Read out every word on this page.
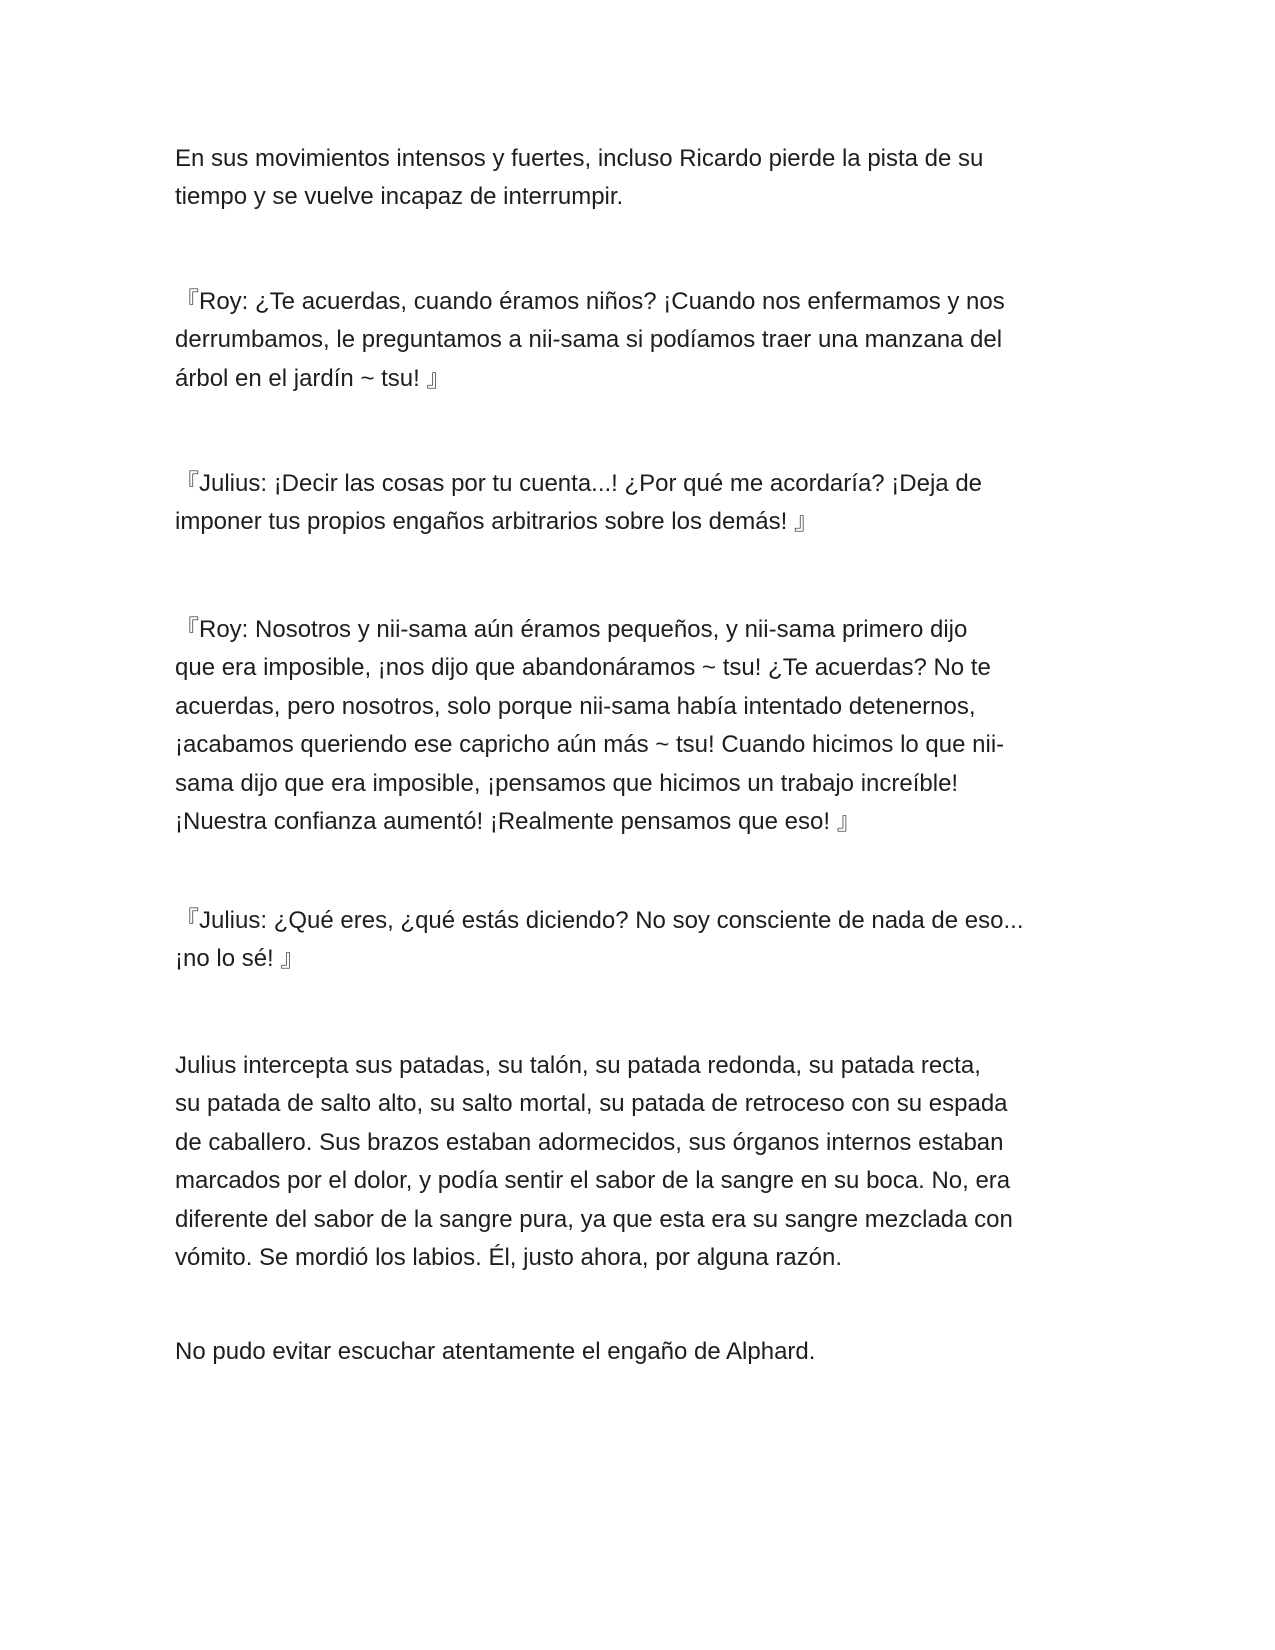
En sus movimientos intensos y fuertes, incluso Ricardo pierde la pista de su
tiempo y se vuelve incapaz de interrumpir.

『Roy: ¿Te acuerdas, cuando éramos niños? ¡Cuando nos enfermamos y nos
derrumbamos, le preguntamos a nii-sama si podíamos traer una manzana del
árbol en el jardín ~ tsu! 』

『Julius: ¡Decir las cosas por tu cuenta...! ¿Por qué me acordaría? ¡Deja de
imponer tus propios engaños arbitrarios sobre los demás! 』

『Roy: Nosotros y nii-sama aún éramos pequeños, y nii-sama primero dijo
que era imposible, ¡nos dijo que abandonáramos ~ tsu! ¿Te acuerdas? No te
acuerdas, pero nosotros, solo porque nii-sama había intentado detenernos,
¡acabamos queriendo ese capricho aún más ~ tsu! Cuando hicimos lo que nii-
sama dijo que era imposible, ¡pensamos que hicimos un trabajo increíble!
¡Nuestra confianza aumentó! ¡Realmente pensamos que eso! 』

『Julius: ¿Qué eres, ¿qué estás diciendo? No soy consciente de nada de eso...
¡no lo sé! 』

Julius intercepta sus patadas, su talón, su patada redonda, su patada recta,
su patada de salto alto, su salto mortal, su patada de retroceso con su espada
de caballero. Sus brazos estaban adormecidos, sus órganos internos estaban
marcados por el dolor, y podía sentir el sabor de la sangre en su boca. No, era
diferente del sabor de la sangre pura, ya que esta era su sangre mezclada con
vómito. Se mordió los labios. Él, justo ahora, por alguna razón.

No pudo evitar escuchar atentamente el engaño de Alphard.
